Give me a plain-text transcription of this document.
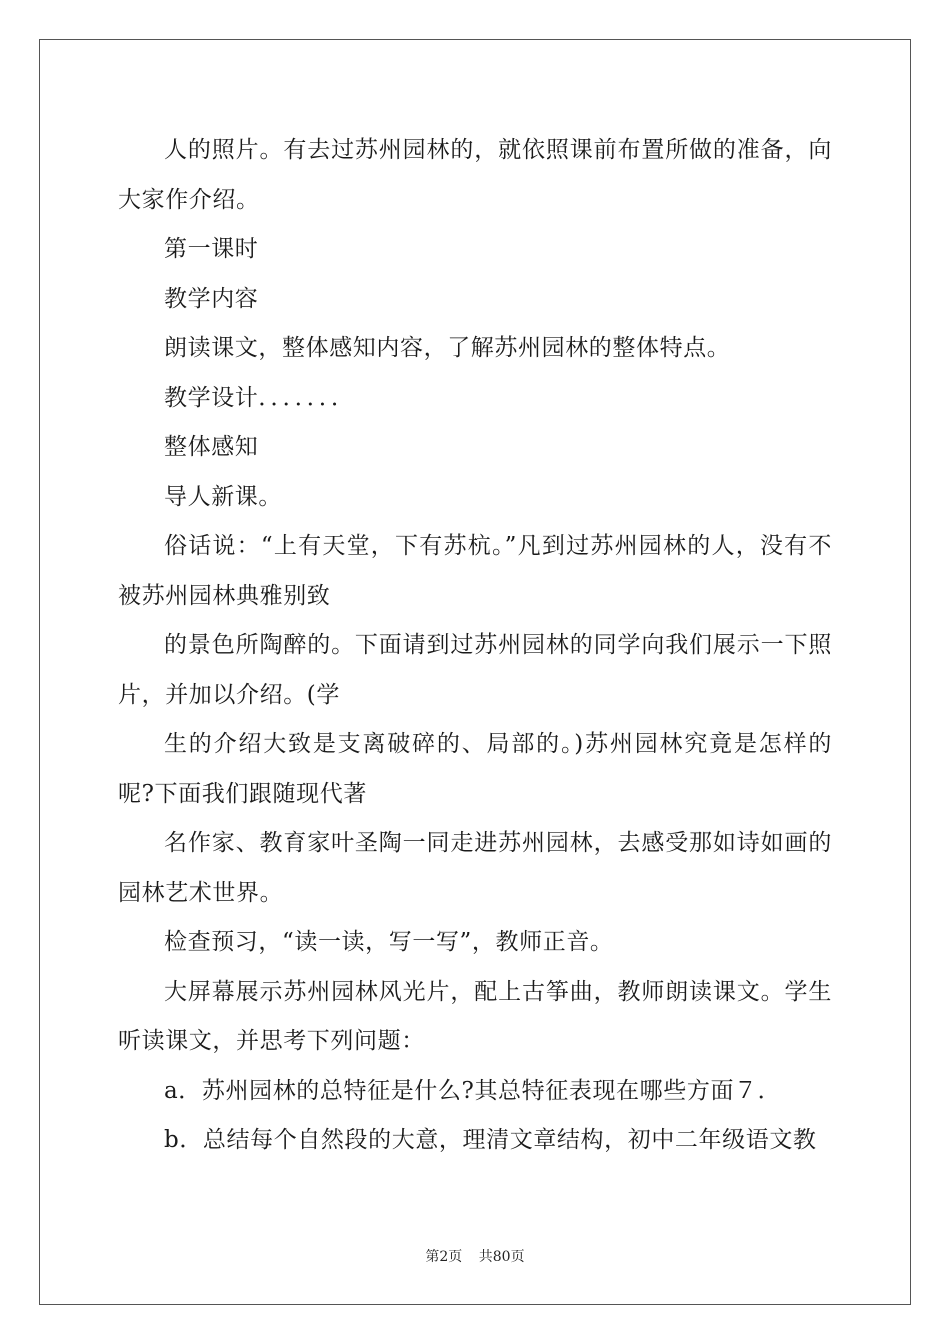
人的照片。有去过苏州园林的，就依照课前布置所做的准备，向大家作介绍。

第一课时

教学内容

朗读课文，整体感知内容，了解苏州园林的整体特点。

教学设计．．．．．．．

整体感知

导人新课。

俗话说：“上有天堂，下有苏杭。”凡到过苏州园林的人，没有不被苏州园林典雅别致

的景色所陶醉的。下面请到过苏州园林的同学向我们展示一下照片，并加以介绍。(学

生的介绍大致是支离破碎的、局部的。)苏州园林究竟是怎样的呢?下面我们跟随现代著

名作家、教育家叶圣陶一同走进苏州园林，去感受那如诗如画的园林艺术世界。

检查预习，“读一读，写一写”，教师正音。

大屏幕展示苏州园林风光片，配上古筝曲，教师朗读课文。学生听读课文，并思考下列问题：

a．苏州园林的总特征是什么?其总特征表现在哪些方面７．

b．总结每个自然段的大意，理清文章结构，初中二年级语文教

第2页 共80页
